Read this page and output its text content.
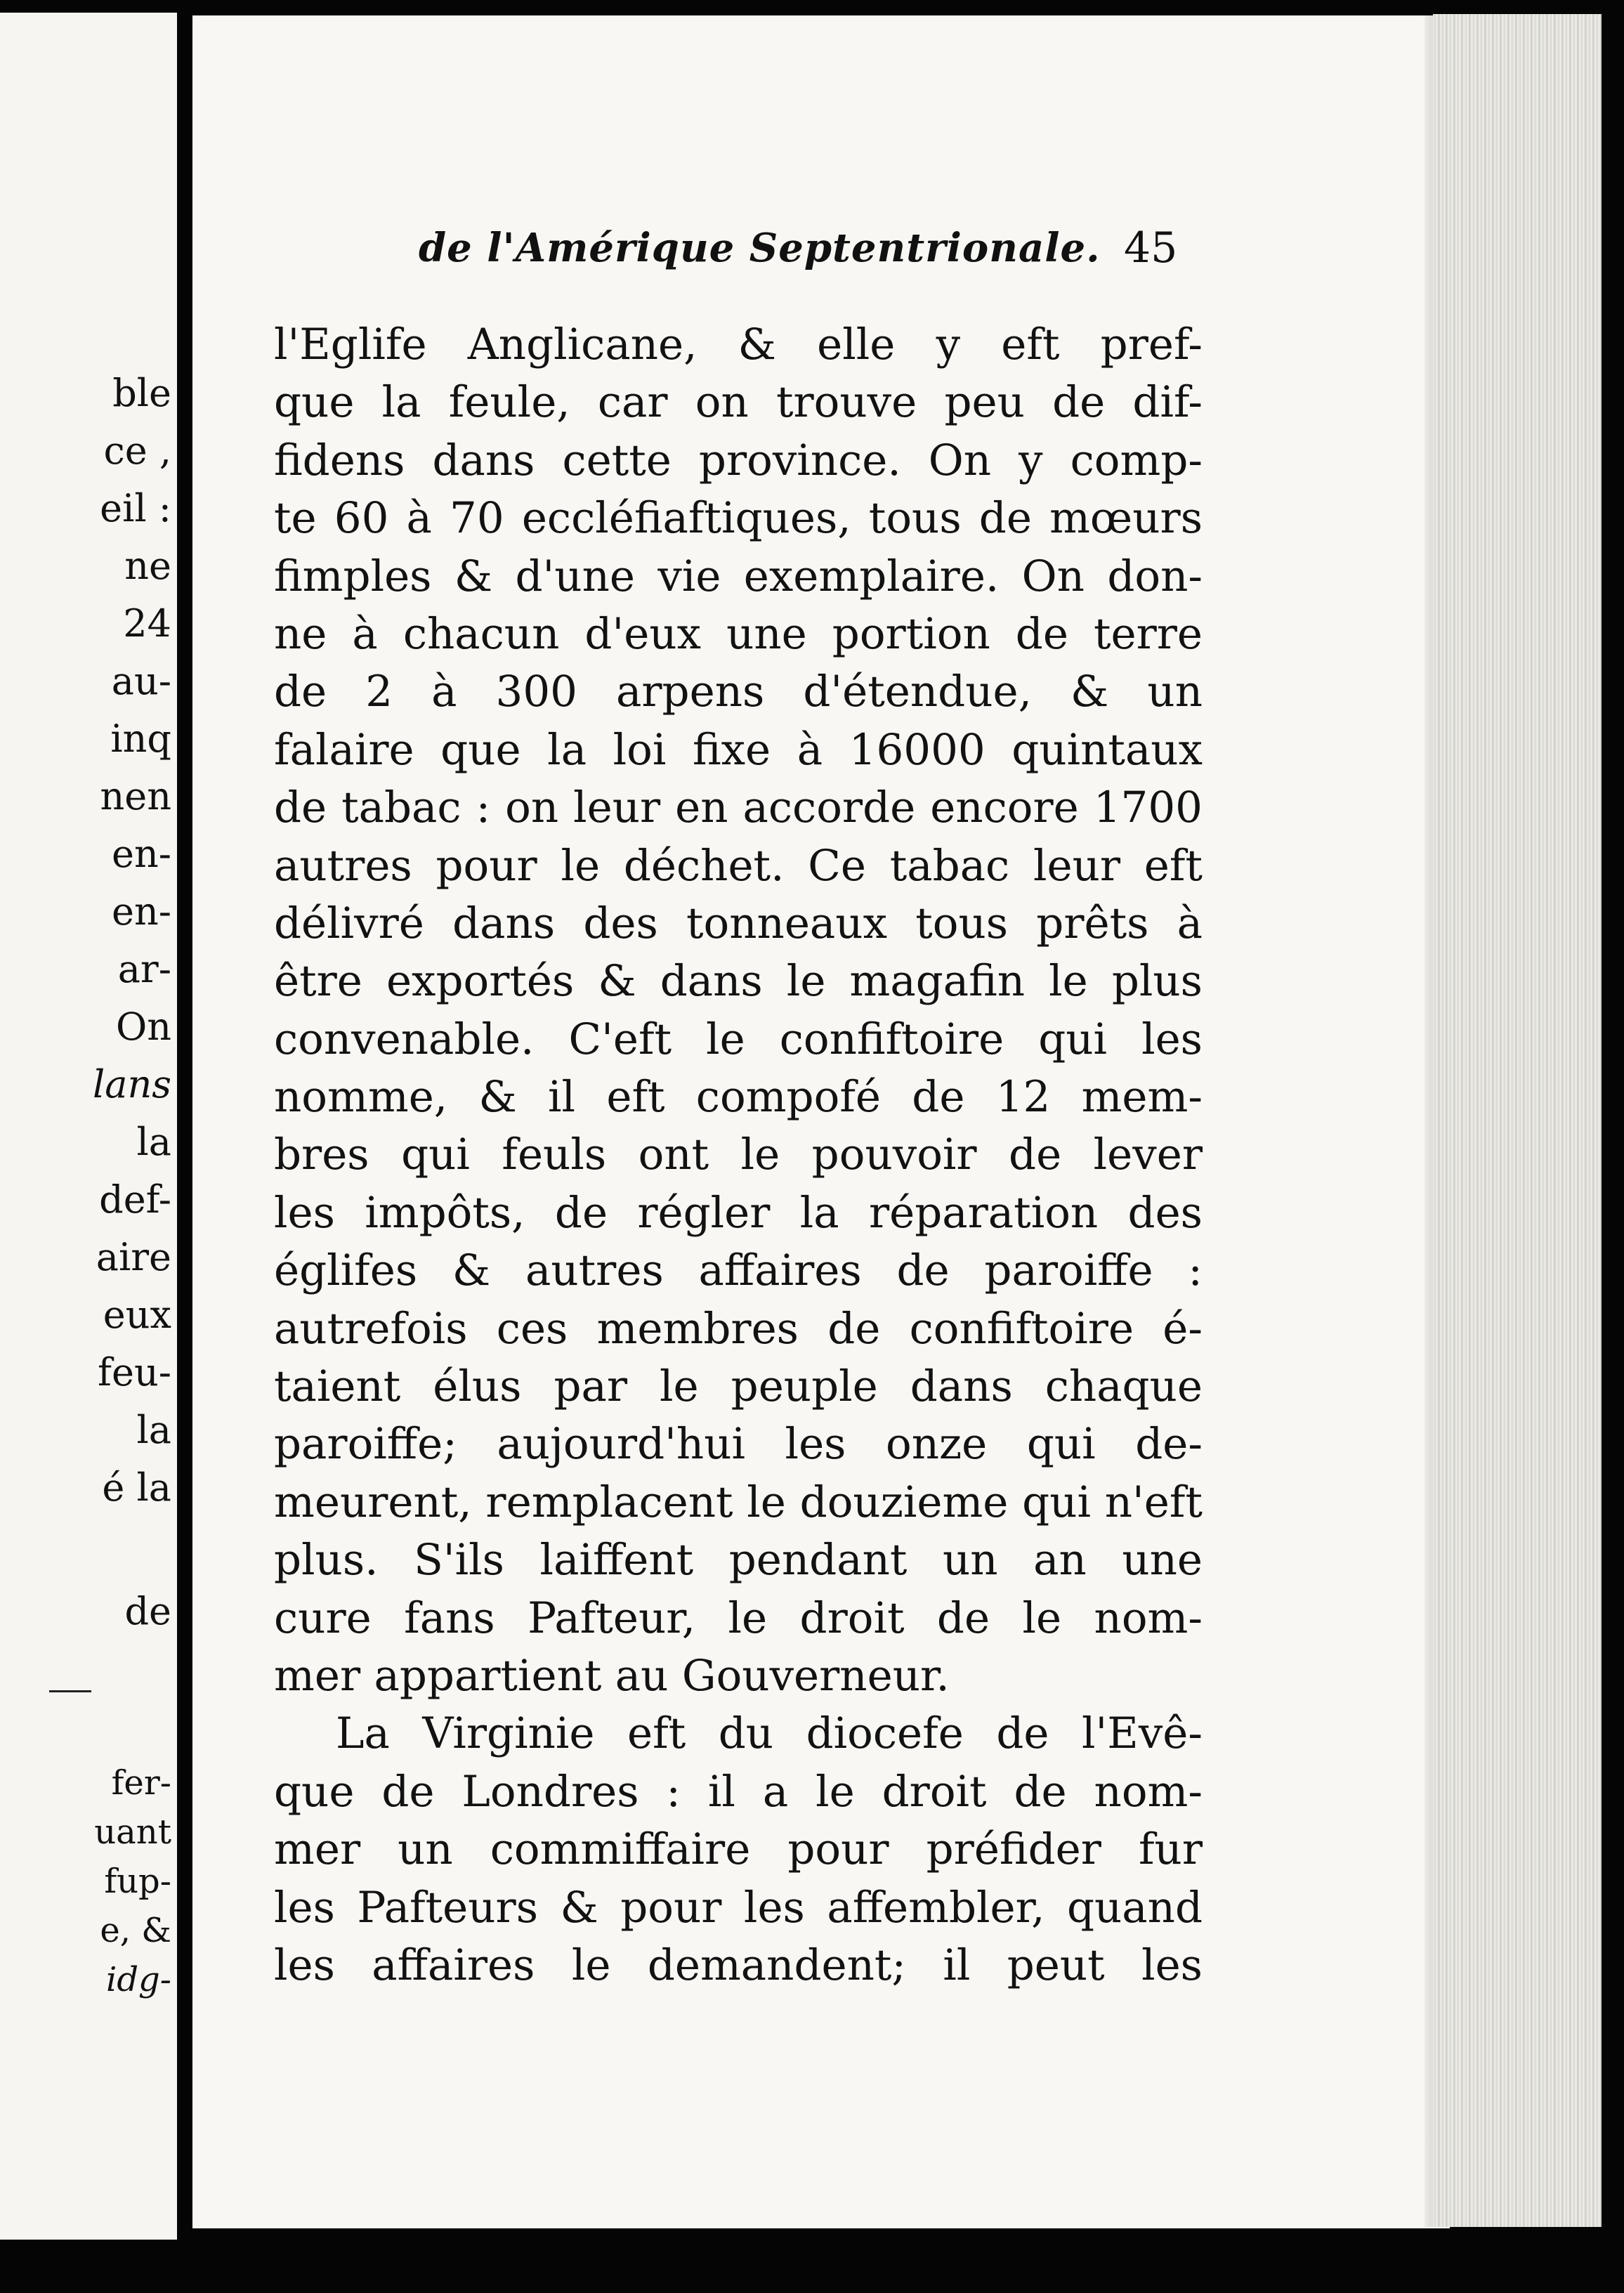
ble
ce ,
eil :
ne
24
au-
inq
nen
en-
en-
ar-
On
lans
la
def-
aire
eux
feu-
la
é la
de
fer-
uant
fup-
e, &
idg-
de l'Amérique Septentrionale. 45
l'Eglife Anglicane, & elle y eft pref-
que la feule, car on trouve peu de dif-
fidens dans cette province. On y comp-
te 60 à 70 eccléfiaftiques, tous de mœurs
fimples & d'une vie exemplaire. On don-
ne à chacun d'eux une portion de terre
de 2 à 300 arpens d'étendue, & un
falaire que la loi fixe à 16000 quintaux
de tabac : on leur en accorde encore 1700
autres pour le déchet. Ce tabac leur eft
délivré dans des tonneaux tous prêts à
être exportés & dans le magafin le plus
convenable. C'eft le confiftoire qui les
nomme, & il eft compofé de 12 mem-
bres qui feuls ont le pouvoir de lever
les impôts, de régler la réparation des
églifes & autres affaires de paroiffe :
autrefois ces membres de confiftoire é-
taient élus par le peuple dans chaque
paroiffe; aujourd'hui les onze qui de-
meurent, remplacent le douzieme qui n'eft
plus. S'ils laiffent pendant un an une
cure fans Pafteur, le droit de le nom-
mer appartient au Gouverneur.
La Virginie eft du diocefe de l'Evê-
que de Londres : il a le droit de nom-
mer un commiffaire pour préfider fur
les Pafteurs & pour les affembler, quand
les affaires le demandent; il peut les
